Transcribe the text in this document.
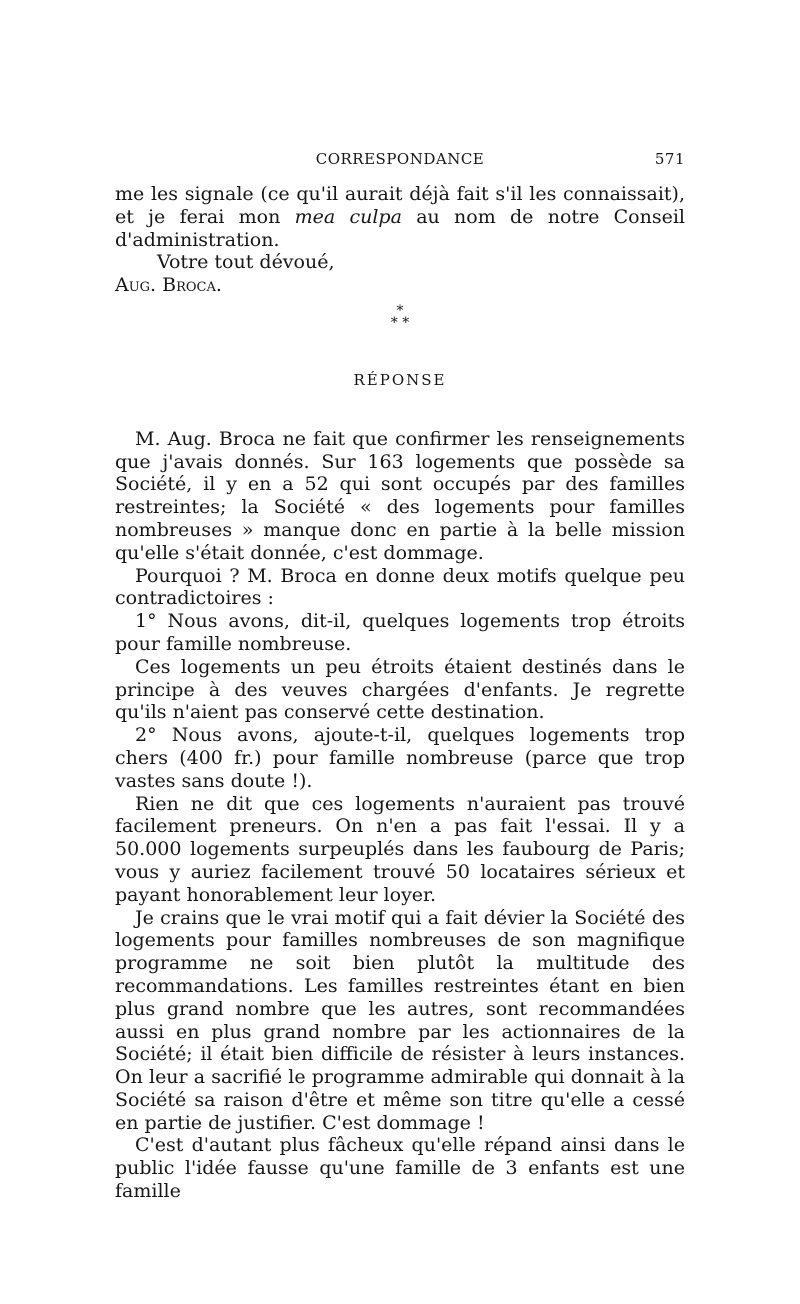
CORRESPONDANCE	571

me les signale (ce qu'il aurait déjà fait s'il les connaissait), et je ferai mon mea culpa au nom de notre Conseil d'administration.

Votre tout dévoué,

Aug. Broca.

*
* *
RÉPONSE

M. Aug. Broca ne fait que confirmer les renseignements que j'avais donnés. Sur 163 logements que possède sa Société, il y en a 52 qui sont occupés par des familles restreintes; la Société « des logements pour familles nombreuses » manque donc en partie à la belle mission qu'elle s'était donnée, c'est dommage.

Pourquoi ? M. Broca en donne deux motifs quelque peu contradictoires :

1° Nous avons, dit-il, quelques logements trop étroits pour famille nombreuse.

Ces logements un peu étroits étaient destinés dans le principe à des veuves chargées d'enfants. Je regrette qu'ils n'aient pas conservé cette destination.

2° Nous avons, ajoute-t-il, quelques logements trop chers (400 fr.) pour famille nombreuse (parce que trop vastes sans doute !).

Rien ne dit que ces logements n'auraient pas trouvé facilement preneurs. On n'en a pas fait l'essai. Il y a 50.000 logements surpeuplés dans les faubourg de Paris; vous y auriez facilement trouvé 50 locataires sérieux et payant honorablement leur loyer.

Je crains que le vrai motif qui a fait dévier la Société des logements pour familles nombreuses de son magnifique programme ne soit bien plutôt la multitude des recommandations. Les familles restreintes étant en bien plus grand nombre que les autres, sont recommandées aussi en plus grand nombre par les actionnaires de la Société; il était bien difficile de résister à leurs instances. On leur a sacrifié le programme admirable qui donnait à la Société sa raison d'être et même son titre qu'elle a cessé en partie de justifier. C'est dommage !

C'est d'autant plus fâcheux qu'elle répand ainsi dans le public l'idée fausse qu'une famille de 3 enfants est une famille
